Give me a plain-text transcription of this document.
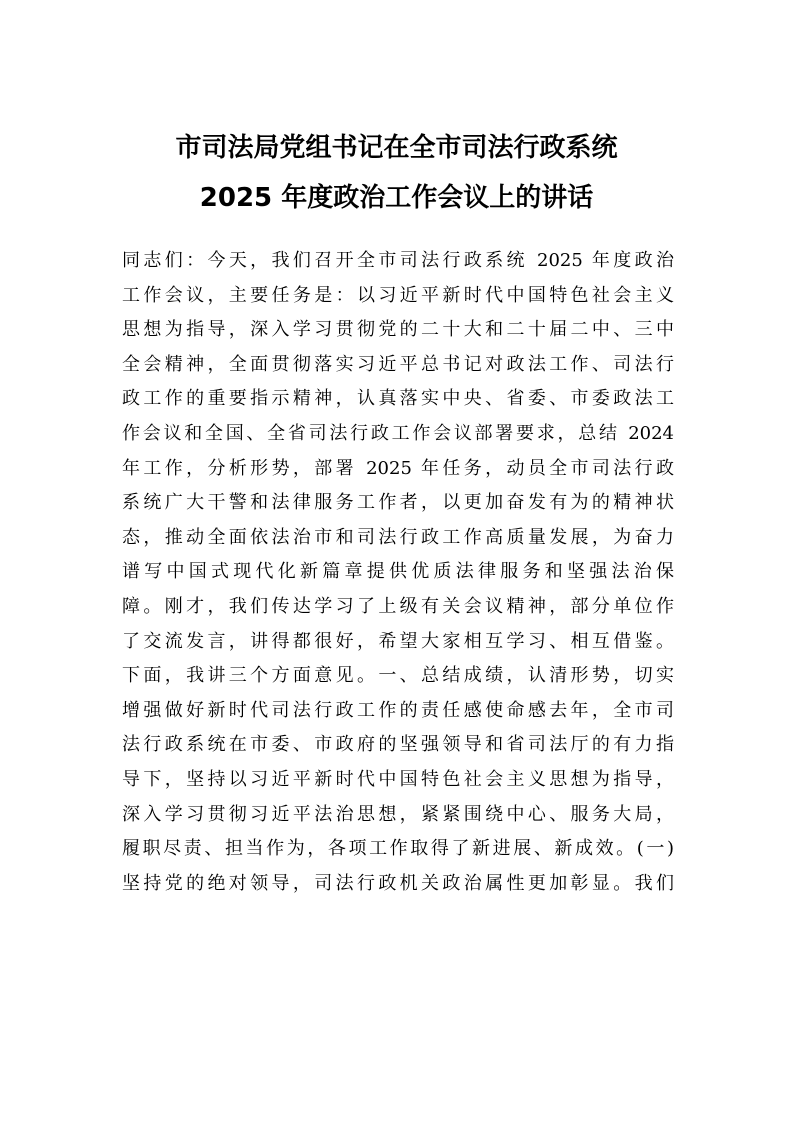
市司法局党组书记在全市司法行政系统
2025 年度政治工作会议上的讲话
同志们：今天，我们召开全市司法行政系统 2025 年度政治
工作会议，主要任务是：以习近平新时代中国特色社会主义
思想为指导，深入学习贯彻党的二十大和二十届二中、三中
全会精神，全面贯彻落实习近平总书记对政法工作、司法行
政工作的重要指示精神，认真落实中央、省委、市委政法工
作会议和全国、全省司法行政工作会议部署要求，总结 2024
年工作，分析形势，部署 2025 年任务，动员全市司法行政
系统广大干警和法律服务工作者，以更加奋发有为的精神状
态，推动全面依法治市和司法行政工作高质量发展，为奋力
谱写中国式现代化新篇章提供优质法律服务和坚强法治保
障。刚才，我们传达学习了上级有关会议精神，部分单位作
了交流发言，讲得都很好，希望大家相互学习、相互借鉴。
下面，我讲三个方面意见。一、总结成绩，认清形势，切实
增强做好新时代司法行政工作的责任感使命感去年，全市司
法行政系统在市委、市政府的坚强领导和省司法厅的有力指
导下，坚持以习近平新时代中国特色社会主义思想为指导，
深入学习贯彻习近平法治思想，紧紧围绕中心、服务大局，
履职尽责、担当作为，各项工作取得了新进展、新成效。(一)
坚持党的绝对领导，司法行政机关政治属性更加彰显。我们
